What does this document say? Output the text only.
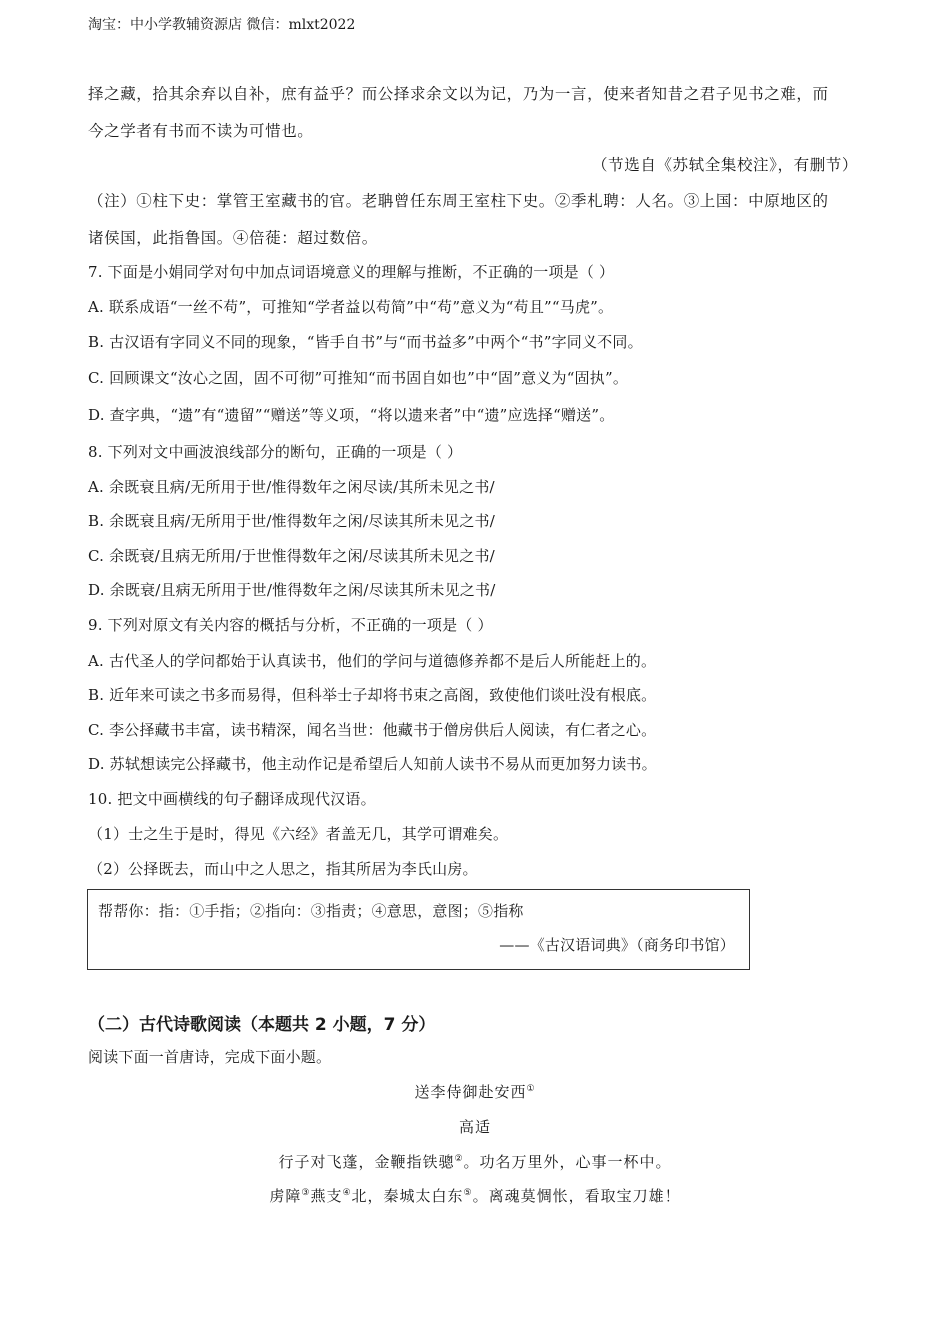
淘宝：中小学教辅资源店 微信：mlxt2022
择之藏，拾其余弃以自补，庶有益乎？而公择求余文以为记，乃为一言，使来者知昔之君子见书之难，而
今之学者有书而不读为可惜也。
（节选自《苏轼全集校注》，有删节）
（注）①柱下史：掌管王室藏书的官。老聃曾任东周王室柱下史。②季札聘：人名。③上国：中原地区的
诸侯国，此指鲁国。④倍蓰：超过数倍。
7. 下面是小娟同学对句中加点词语境意义的理解与推断，不正确的一项是（ ）
A. 联系成语“一丝不苟”，可推知“学者益以苟简”中“苟”意义为“苟且”“马虎”。
B. 古汉语有字同义不同的现象，“皆手自书”与“而书益多”中两个“书”字同义不同。
C. 回顾课文“汝心之固，固不可彻”可推知“而书固自如也”中“固”意义为“固执”。
D. 查字典，“遗”有“遗留”“赠送”等义项，“将以遗来者”中“遗”应选择“赠送”。
8. 下列对文中画波浪线部分的断句，正确的一项是（ ）
A. 余既衰且病/无所用于世/惟得数年之闲尽读/其所未见之书/
B. 余既衰且病/无所用于世/惟得数年之闲/尽读其所未见之书/
C. 余既衰/且病无所用/于世惟得数年之闲/尽读其所未见之书/
D. 余既衰/且病无所用于世/惟得数年之闲/尽读其所未见之书/
9. 下列对原文有关内容的概括与分析，不正确的一项是（ ）
A. 古代圣人的学问都始于认真读书，他们的学问与道德修养都不是后人所能赶上的。
B. 近年来可读之书多而易得，但科举士子却将书束之高阁，致使他们谈吐没有根底。
C. 李公择藏书丰富，读书精深，闻名当世：他藏书于僧房供后人阅读，有仁者之心。
D. 苏轼想读完公择藏书，他主动作记是希望后人知前人读书不易从而更加努力读书。
10. 把文中画横线的句子翻译成现代汉语。
（1）士之生于是时，得见《六经》者盖无几，其学可谓难矣。
（2）公择既去，而山中之人思之，指其所居为李氏山房。
帮帮你：指：①手指；②指向：③指责；④意思，意图；⑤指称
——《古汉语词典》（商务印书馆）
（二）古代诗歌阅读（本题共 2 小题，7 分）
阅读下面一首唐诗，完成下面小题。
送李侍御赴安西①
高适
行子对飞蓬，金鞭指铁骢②。功名万里外，心事一杯中。
虏障③燕支④北，秦城太白东⑤。离魂莫惆怅，看取宝刀雄！
